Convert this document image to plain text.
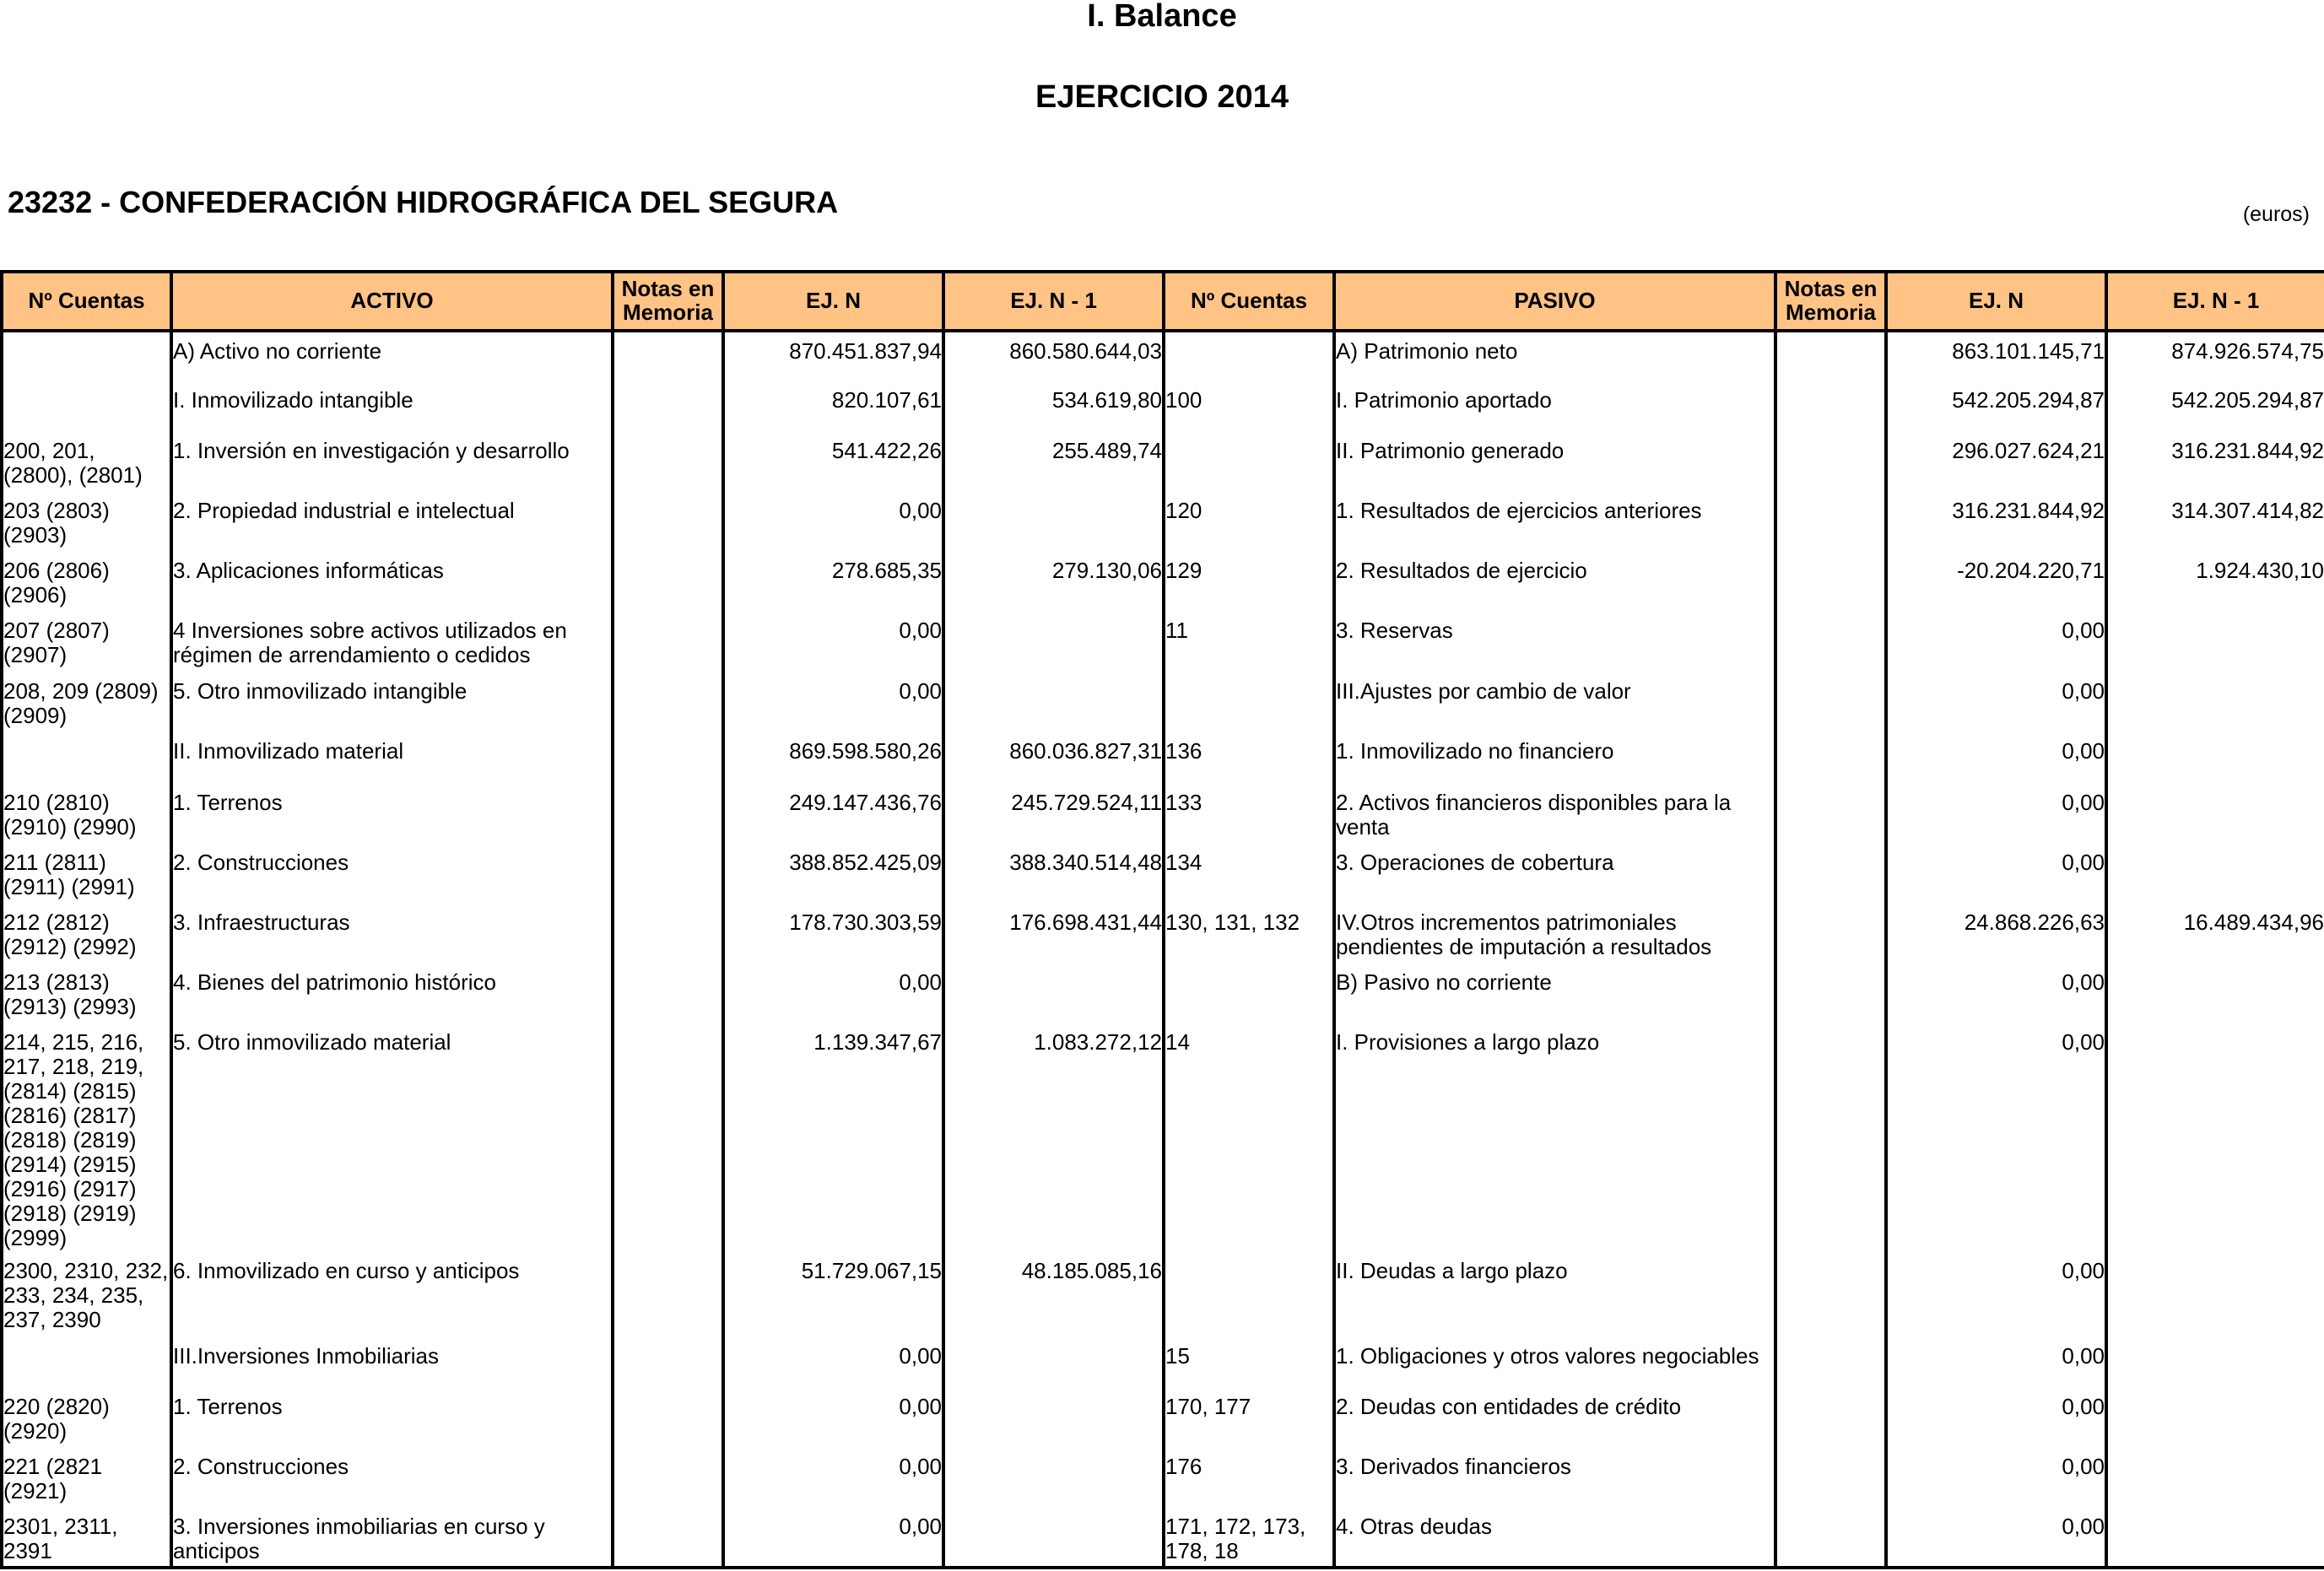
I. Balance
EJERCICIO 2014
23232 - CONFEDERACIÓN HIDROGRÁFICA DEL SEGURA	(euros)
Nº Cuentas	ACTIVO	Notas en Memoria	EJ. N	EJ. N - 1	Nº Cuentas	PASIVO	Notas en Memoria	EJ. N	EJ. N - 1
	A) Activo no corriente		870.451.837,94	860.580.644,03		A) Patrimonio neto		863.101.145,71	874.926.574,75
	I. Inmovilizado intangible		820.107,61	534.619,80	100	I. Patrimonio aportado		542.205.294,87	542.205.294,87
200, 201, (2800), (2801)	1. Inversión en investigación y desarrollo		541.422,26	255.489,74		II. Patrimonio generado		296.027.624,21	316.231.844,92
203 (2803) (2903)	2. Propiedad industrial e intelectual		0,00		120	1. Resultados de ejercicios anteriores		316.231.844,92	314.307.414,82
206 (2806) (2906)	3. Aplicaciones informáticas		278.685,35	279.130,06	129	2. Resultados de ejercicio		-20.204.220,71	1.924.430,10
207 (2807) (2907)	4 Inversiones sobre activos utilizados en régimen de arrendamiento o cedidos		0,00		11	3. Reservas		0,00	
208, 209 (2809) (2909)	5. Otro inmovilizado intangible		0,00			III.Ajustes por cambio de valor		0,00	
	II. Inmovilizado material		869.598.580,26	860.036.827,31	136	1. Inmovilizado no financiero		0,00	
210 (2810) (2910) (2990)	1. Terrenos		249.147.436,76	245.729.524,11	133	2. Activos financieros disponibles para la venta		0,00	
211 (2811) (2911) (2991)	2. Construcciones		388.852.425,09	388.340.514,48	134	3. Operaciones de cobertura		0,00	
212 (2812) (2912) (2992)	3. Infraestructuras		178.730.303,59	176.698.431,44	130, 131, 132	IV.Otros incrementos patrimoniales pendientes de imputación a resultados		24.868.226,63	16.489.434,96
213 (2813) (2913) (2993)	4. Bienes del patrimonio histórico		0,00			B) Pasivo no corriente		0,00	
214, 215, 216, 217, 218, 219, (2814) (2815) (2816) (2817) (2818) (2819) (2914) (2915) (2916) (2917) (2918) (2919) (2999)	5. Otro inmovilizado material		1.139.347,67	1.083.272,12	14	I. Provisiones a largo plazo		0,00	
2300, 2310, 232, 233, 234, 235, 237, 2390	6. Inmovilizado en curso y anticipos		51.729.067,15	48.185.085,16		II. Deudas a largo plazo		0,00	
	III.Inversiones Inmobiliarias		0,00		15	1. Obligaciones y otros valores negociables		0,00	
220 (2820) (2920)	1. Terrenos		0,00		170, 177	2. Deudas con entidades de crédito		0,00	
221 (2821 (2921)	2. Construcciones		0,00		176	3. Derivados financieros		0,00	
2301, 2311, 2391	3. Inversiones inmobiliarias en curso y anticipos		0,00		171, 172, 173, 178, 18	4. Otras deudas		0,00	
